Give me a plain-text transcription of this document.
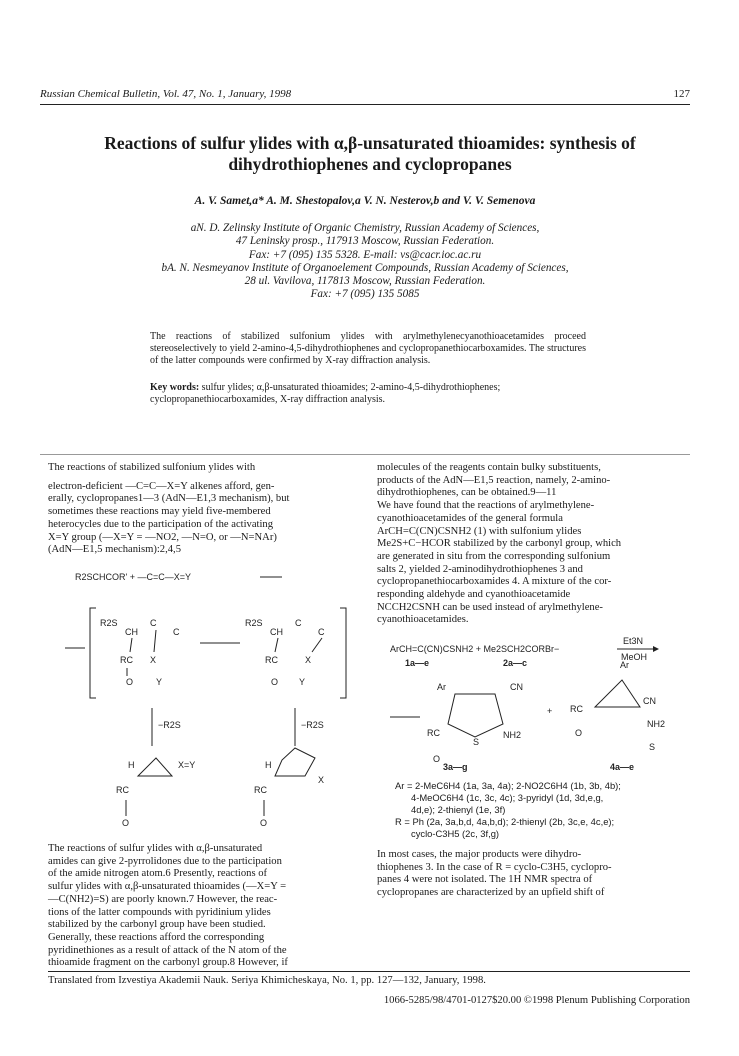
Russian Chemical Bulletin, Vol. 47, No. 1, January, 1998	127
Reactions of sulfur ylides with α,β-unsaturated thioamides: synthesis of dihydrothiophenes and cyclopropanes
A. V. Samet,a* A. M. Shestopalov,a V. N. Nesterov,b and V. V. Semenova
aN. D. Zelinsky Institute of Organic Chemistry, Russian Academy of Sciences,
47 Leninsky prosp., 117913 Moscow, Russian Federation.
Fax: +7 (095) 135 5328. E-mail: vs@cacr.ioc.ac.ru
bA. N. Nesmeyanov Institute of Organoelement Compounds, Russian Academy of Sciences,
28 ul. Vavilova, 117813 Moscow, Russian Federation.
Fax: +7 (095) 135 5085
The reactions of stabilized sulfonium ylides with arylmethylenecyanothioacetamides proceed stereoselectively to yield 2-amino-4,5-dihydrothiophenes and cyclopropanethiocarboxamides. The structures of the latter compounds were confirmed by X-ray diffraction analysis.
Key words: sulfur ylides; α,β-unsaturated thioamides; 2-amino-4,5-dihydrothiophenes; cyclopropanethiocarboxamides, X-ray diffraction analysis.
The reactions of stabilized sulfonium ylides with
electron-deficient —C=C—X=Y alkenes afford, gen-
erally, cyclopropanes1—3 (AdN—E1,3 mechanism), but
sometimes these reactions may yield five-membered
heterocycles due to the participation of the activating
X=Y group (—X=Y = —NO2, —N=O, or —N=NAr)
(AdN—E1,5 mechanism):2,4,5
R2SCHCOR' + —C=C—X=Y
R2S
CH
C
C
RC X
O	Y
R2S
CH
C
C
RC	X
O Y
−R2S	−R2S
H	X=Y
RC
O
H
X
RC
O
The reactions of sulfur ylides with α,β-unsaturated
amides can give 2-pyrrolidones due to the participation
of the amide nitrogen atom.6 Presently, reactions of
sulfur ylides with α,β-unsaturated thioamides (—X=Y =
—C(NH2)=S) are poorly known.7 However, the reac-
tions of the latter compounds with pyridinium ylides
stabilized by the carbonyl group have been studied.
Generally, these reactions afford the corresponding
pyridinethiones as a result of attack of the N atom of the
thioamide fragment on the carbonyl group.8 However, if
molecules of the reagents contain bulky substituents,
products of the AdN—E1,5 reaction, namely, 2-amino-
dihydrothiophenes, can be obtained.9—11
We have found that the reactions of arylmethylene-
cyanothioacetamides of the general formula
ArCH=C(CN)CSNH2 (1) with sulfonium ylides
Me2S+C−HCOR stabilized by the carbonyl group, which
are generated in situ from the corresponding sulfonium
salts 2, yielded 2-aminodihydrothiophenes 3 and
cyclopropanethiocarboxamides 4. A mixture of the cor-
responding aldehyde and cyanothioacetamide
NCCH2CSNH can be used instead of arylmethylene-
cyanothioacetamides.
ArCH=C(CN)CSNH2 + Me2SCH2CORBr−
Et3N
MeOH
1a—e	2a—c
Ar	CN
S
NH2
RC
O
3a—g
+
Ar
CN
RC
O
NH2
S
4a—e
Ar = 2-MeC6H4 (1a, 3a, 4a); 2-NO2C6H4 (1b, 3b, 4b);
4-MeOC6H4 (1c, 3c, 4c); 3-pyridyl (1d, 3d,e,g,
4d,e); 2-thienyl (1e, 3f)
R = Ph (2a, 3a,b,d, 4a,b,d); 2-thienyl (2b, 3c,e, 4c,e);
cyclo-C3H5 (2c, 3f,g)
In most cases, the major products were dihydro-
thiophenes 3. In the case of R = cyclo-C3H5, cyclopro-
panes 4 were not isolated. The 1H NMR spectra of
cyclopropanes are characterized by an upfield shift of
Translated from Izvestiya Akademii Nauk. Seriya Khimicheskaya, No. 1, pp. 127—132, January, 1998.
1066-5285/98/4701-0127$20.00 ©1998 Plenum Publishing Corporation
